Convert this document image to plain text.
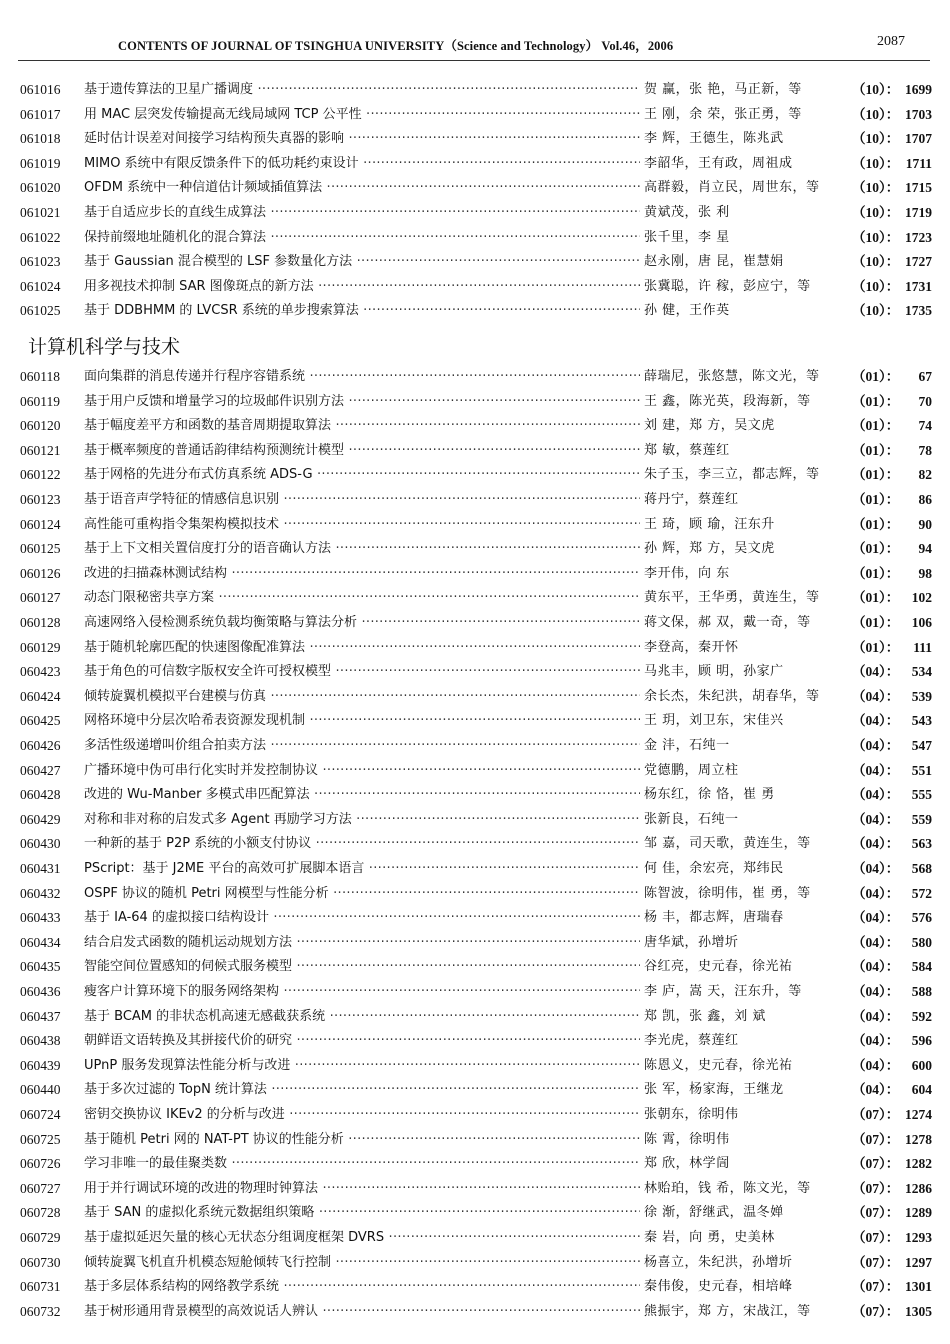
CONTENTS OF JOURNAL OF TSINGHUA UNIVERSITY（Science and Technology） Vol.46，2006	2087
061016	基于遗传算法的卫星广播调度 ·····	贺 赢，张 艳，马正新，等	（10）： 1699
061017	用 MAC 层突发传输提高无线局域网 TCP 公平性 ·····	王 刚，余 荣，张正勇，等	（10）： 1703
061018	延时估计误差对间接学习结构预失真器的影响 ·····	李 辉，王德生，陈兆武	（10）： 1707
061019	MIMO 系统中有限反馈条件下的低功耗约束设计 ·····	李韶华，王有政，周祖成	（10）： 1711
061020	OFDM 系统中一种信道估计频域插值算法 ·····	高群毅，肖立民，周世东，等	（10）： 1715
061021	基于自适应步长的直线生成算法 ·····	黄斌茂，张 利	（10）： 1719
061022	保持前缀地址随机化的混合算法 ·····	张千里，李 星	（10）： 1723
061023	基于 Gaussian 混合模型的 LSF 参数量化方法 ·····	赵永刚，唐 昆，崔慧娟	（10）： 1727
061024	用多视技术抑制 SAR 图像斑点的新方法 ·····	张冀聪，许 稼，彭应宁，等	（10）： 1731
061025	基于 DDBHMM 的 LVCSR 系统的单步搜索算法 ·····	孙 健，王作英	（10）： 1735
计算机科学与技术
060118	面向集群的消息传递并行程序容错系统 ·····	薛瑞尼，张悠慧，陈文光，等	（01）：	67
060119	基于用户反馈和增量学习的垃圾邮件识别方法 ·····	王 鑫，陈光英，段海新，等	（01）：	70
060120	基于幅度差平方和函数的基音周期提取算法 ·····	刘 建，郑 方，吴文虎	（01）：	74
060121	基于概率频度的普通话韵律结构预测统计模型 ·····	郑 敏，蔡莲红	（01）：	78
060122	基于网格的先进分布式仿真系统 ADS-G ·····	朱子玉，李三立，都志辉，等	（01）：	82
060123	基于语音声学特征的情感信息识别 ·····	蒋丹宁，蔡莲红	（01）：	86
060124	高性能可重构指令集架构模拟技术 ·····	王 琦，顾 瑜，汪东升	（01）：	90
060125	基于上下文相关置信度打分的语音确认方法 ·····	孙 辉，郑 方，吴文虎	（01）：	94
060126	改进的扫描森林测试结构 ·····	李开伟，向 东	（01）：	98
060127	动态门限秘密共享方案 ·····	黄东平，王华勇，黄连生，等	（01）： 102
060128	高速网络入侵检测系统负载均衡策略与算法分析 ·····	蒋文保，郝 双，戴一奇，等	（01）： 106
060129	基于随机轮廓匹配的快速图像配准算法 ·····	李登高，秦开怀	（01）：	111
060423	基于角色的可信数字版权安全许可授权模型 ·····	马兆丰，顾 明，孙家广	（04）： 534
060424	倾转旋翼机模拟平台建模与仿真 ·····	余长杰，朱纪洪，胡春华，等	（04）： 539
060425	网格环境中分层次哈希表资源发现机制 ·····	王 玥，刘卫东，宋佳兴	（04）： 543
060426	多活性级递增叫价组合拍卖方法 ·····	金 沣，石纯一	（04）： 547
060427	广播环境中伪可串行化实时并发控制协议 ·····	党德鹏，周立柱	（04）： 551
060428	改进的 Wu-Manber 多模式串匹配算法 ·····	杨东红，徐 恪，崔 勇	（04）： 555
060429	对称和非对称的启发式多 Agent 再励学习方法 ·····	张新良，石纯一	（04）： 559
060430	一种新的基于 P2P 系统的小额支付协议 ·····	邹 嘉，司天歌，黄连生，等	（04）： 563
060431	PScript：基于 J2ME 平台的高效可扩展脚本语言 ·····	何 佳，余宏亮，郑纬民	（04）： 568
060432	OSPF 协议的随机 Petri 网模型与性能分析 ·····	陈智波，徐明伟，崔 勇，等	（04）： 572
060433	基于 IA-64 的虚拟接口结构设计 ·····	杨 丰，都志辉，唐瑞春	（04）： 576
060434	结合启发式函数的随机运动规划方法 ·····	唐华斌，孙增圻	（04）： 580
060435	智能空间位置感知的伺候式服务模型 ·····	谷红亮，史元春，徐光祐	（04）： 584
060436	瘦客户计算环境下的服务网络架构 ·····	李 庐，嵩 天，汪东升，等	（04）： 588
060437	基于 BCAM 的非状态机高速无感截获系统 ·····	郑 凯，张 鑫，刘 斌	（04）： 592
060438	朝鲜语文语转换及其拼接代价的研究 ·····	李光虎，蔡莲红	（04）： 596
060439	UPnP 服务发现算法性能分析与改进 ·····	陈恩义，史元春，徐光祐	（04）： 600
060440	基于多次过滤的 TopN 统计算法 ·····	张 军，杨家海，王继龙	（04）： 604
060724	密钥交换协议 IKEv2 的分析与改进 ·····	张朝东，徐明伟	（07）： 1274
060725	基于随机 Petri 网的 NAT-PT 协议的性能分析 ·····	陈 霄，徐明伟	（07）： 1278
060726	学习非唯一的最佳聚类数 ·····	郑 欣，林学訚	（07）： 1282
060727	用于并行调试环境的改进的物理时钟算法 ·····	林贻珀，钱 希，陈文光，等	（07）： 1286
060728	基于 SAN 的虚拟化系统元数据组织策略 ·····	徐 渐，舒继武，温冬婵	（07）： 1289
060729	基于虚拟延迟矢量的核心无状态分组调度框架 DVRS ·····	秦 岩，向 勇，史美林	（07）： 1293
060730	倾转旋翼飞机直升机模态短舱倾转飞行控制 ·····	杨喜立，朱纪洪，孙增圻	（07）： 1297
060731	基于多层体系结构的网络教学系统 ·····	秦伟俊，史元春，相培峰	（07）： 1301
060732	基于树形通用背景模型的高效说话人辨认 ·····	熊振宇，郑 方，宋战江，等	（07）： 1305
